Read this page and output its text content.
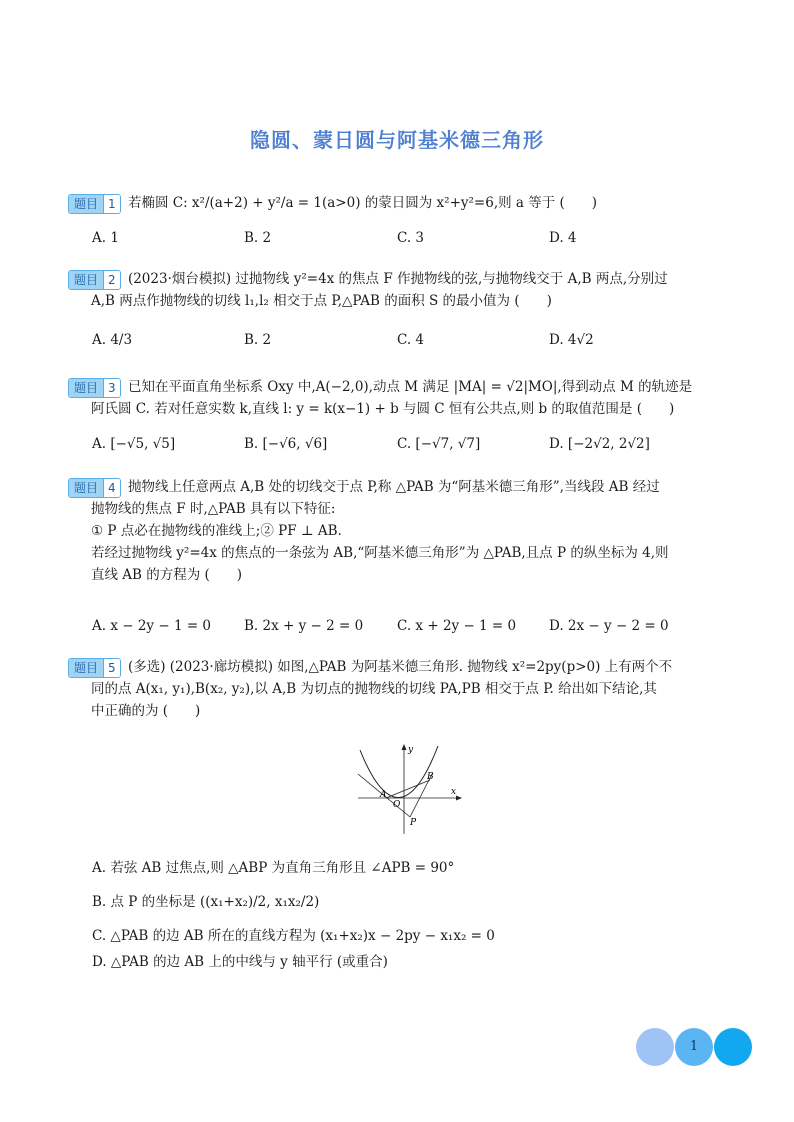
隐圆、蒙日圆与阿基米德三角形
题目 1 若椭圆 C: x²/(a+2) + y²/a = 1(a>0) 的蒙日圆为 x²+y²=6,则 a 等于 (　　)
A. 1	B. 2	C. 3	D. 4
题目 2 (2023·烟台模拟) 过抛物线 y²=4x 的焦点 F 作抛物线的弦,与抛物线交于 A,B 两点,分别过
A,B 两点作抛物线的切线 l₁,l₂ 相交于点 P,△PAB 的面积 S 的最小值为 (　　)
A. 4/3	B. 2	C. 4	D. 4√2
题目 3 已知在平面直角坐标系 Oxy 中,A(−2,0),动点 M 满足 |MA| = √2|MO|,得到动点 M 的轨迹是
阿氏圆 C. 若对任意实数 k,直线 l: y = k(x−1) + b 与圆 C 恒有公共点,则 b 的取值范围是 (　　)
A. [−√5, √5]	B. [−√6, √6]	C. [−√7, √7]	D. [−2√2, 2√2]
题目 4 抛物线上任意两点 A,B 处的切线交于点 P,称 △PAB 为“阿基米德三角形”,当线段 AB 经过
抛物线的焦点 F 时,△PAB 具有以下特征:
① P 点必在抛物线的准线上;② PF ⊥ AB.
若经过抛物线 y²=4x 的焦点的一条弦为 AB,“阿基米德三角形”为 △PAB,且点 P 的纵坐标为 4,则
直线 AB 的方程为 (　　)
A. x − 2y − 1 = 0 B. 2x + y − 2 = 0	C. x + 2y − 1 = 0 D. 2x − y − 2 = 0
题目 5 (多选) (2023·廊坊模拟) 如图,△PAB 为阿基米德三角形. 抛物线 x²=2py(p>0) 上有两个不
同的点 A(x₁, y₁),B(x₂, y₂),以 A,B 为切点的抛物线的切线 PA,PB 相交于点 P. 给出如下结论,其
中正确的为 (　　)
y
x
O
A
B
P
A. 若弦 AB 过焦点,则 △ABP 为直角三角形且 ∠APB = 90°
B. 点 P 的坐标是 ((x₁+x₂)/2, x₁x₂/2)
C. △PAB 的边 AB 所在的直线方程为 (x₁+x₂)x − 2py − x₁x₂ = 0
D. △PAB 的边 AB 上的中线与 y 轴平行 (或重合)
1
